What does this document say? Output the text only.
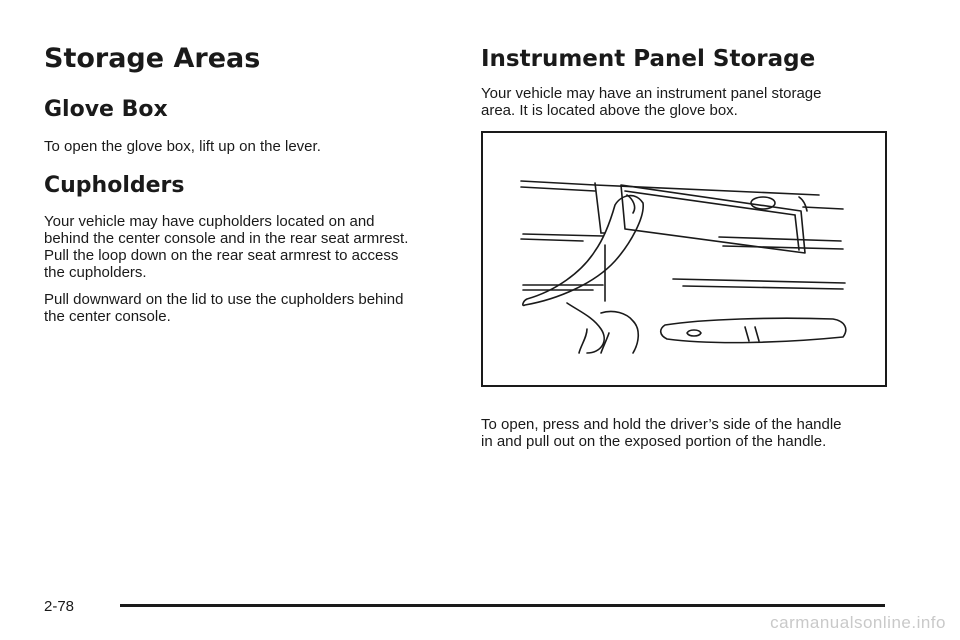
Storage Areas
Glove Box

To open the glove box, lift up on the lever.

Cupholders

Your vehicle may have cupholders located on and

behind the center console and in the rear seat armrest.

Pull the loop down on the rear seat armrest to access

the cupholders.

Pull downward on the lid to use the cupholders behind

the center console.

Instrument Panel Storage

Your vehicle may have an instrument panel storage

area. It is located above the glove box.

To open, press and hold the driver’s side of the handle

in and pull out on the exposed portion of the handle.

2-78
carmanualsonline.info
